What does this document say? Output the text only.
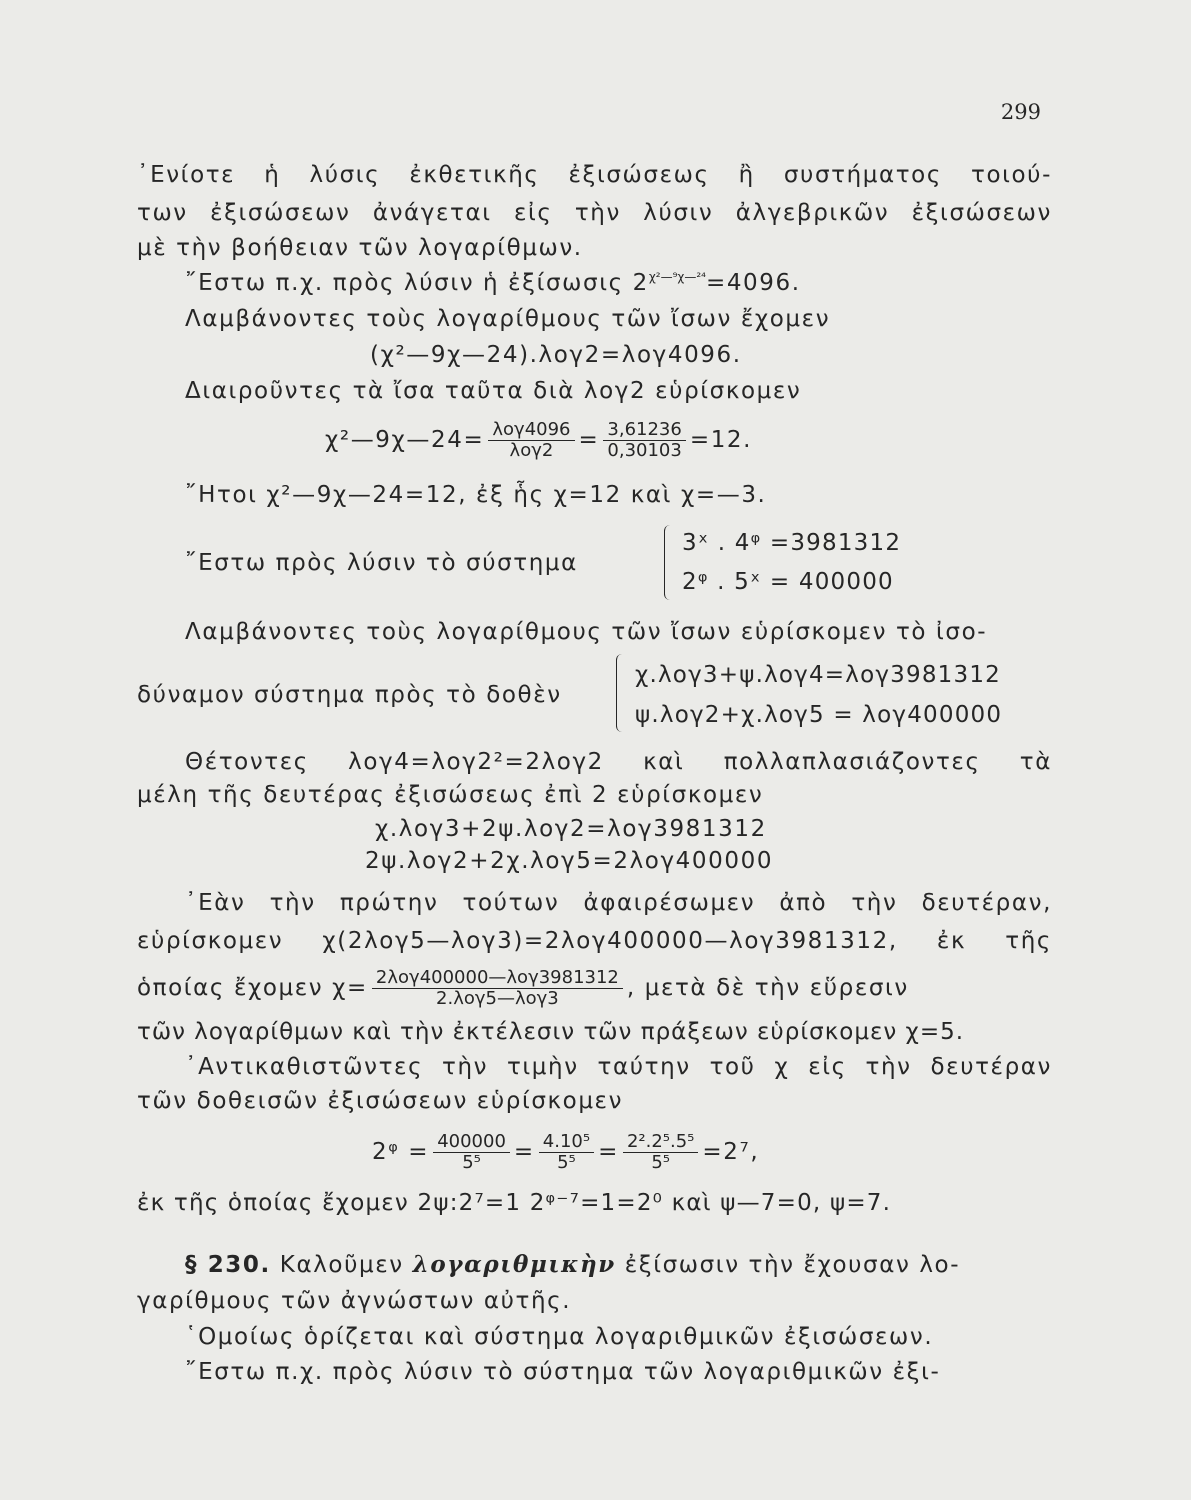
299
᾿Ενίοτε ἡ λύσις ἐκθετικῆς ἐξισώσεως ἢ συστήματος τοιού-
των ἐξισώσεων ἀνάγεται εἰς τὴν λύσιν ἀλγεβρικῶν ἐξισώσεων
μὲ τὴν βοήθειαν τῶν λογαρίθμων.
῎Εστω π.χ. πρὸς λύσιν ἡ ἐξίσωσις $2^{\chi^2—^9\chi—^{24}}=4096$.
Λαμβάνοντες τοὺς λογαρίθμους τῶν ἴσων ἔχομεν
(χ²—9χ—24).λογ2=λογ4096.
Διαιροῦντες τὰ ἴσα ταῦτα διὰ λογ2 εὑρίσκομεν
χ²—9χ—24= $\frac{\text{λογ4096}}{\text{λογ2}} = \frac{3,61236}{0,30103} =12$.
῎Ητοι χ²—9χ—24=12, ἐξ ἧς χ=12 καὶ χ=—3.
῎Εστω πρὸς λύσιν τὸ σύστημα
3ˣ . 4ᵠ =3981312
2ᵠ . 5ˣ = 400000
Λαμβάνοντες τοὺς λογαρίθμους τῶν ἴσων εὑρίσκομεν τὸ ἰσο-
δύναμον σύστημα πρὸς τὸ δοθὲν
χ.λογ3+ψ.λογ4=λογ3981312
ψ.λογ2+χ.λογ5 = λογ400000
Θέτοντες λογ4=λογ2²=2λογ2 καὶ πολλαπλασιάζοντες τὰ
μέλη τῆς δευτέρας ἐξισώσεως ἐπὶ 2 εὑρίσκομεν
χ.λογ3+2ψ.λογ2=λογ3981312
2ψ.λογ2+2χ.λογ5=2λογ400000
᾿Εὰν τὴν πρώτην τούτων ἀφαιρέσωμεν ἀπὸ τὴν δευτέραν,
εὑρίσκομεν χ(2λογ5—λογ3)=2λογ400000—λογ3981312, ἐκ τῆς
ὁποίας ἔχομεν $\chi= \frac{\text{2λογ400000—λογ3981312}}{\text{2.λογ5—λογ3}}$ , μετὰ δὲ τὴν εὕρεσιν
τῶν λογαρίθμων καὶ τὴν ἐκτέλεσιν τῶν πράξεων εὑρίσκομεν χ=5.
᾿Αντικαθιστῶντες τὴν τιμὴν ταύτην τοῦ χ εἰς τὴν δευτέραν
τῶν δοθεισῶν ἐξισώσεων εὑρίσκομεν
2ᵠ = $\frac{400000}{\text{5⁵}} = \frac{\text{4.10⁵}}{\text{5⁵}} = \frac{\text{2².2⁵.5⁵}}{\text{5⁵}} =2^7$,
ἐκ τῆς ὁποίας ἔχομεν 2ψ:2⁷=1 2ᵠ⁻⁷=1=2⁰ καὶ ψ—7=0, ψ=7.
§ 230. Καλοῦμεν λογαριθμικὴν ἐξίσωσιν τὴν ἔχουσαν λο-
γαρίθμους τῶν ἀγνώστων αὐτῆς.
῾Ομοίως ὁρίζεται καὶ σύστημα λογαριθμικῶν ἐξισώσεων.
῎Εστω π.χ. πρὸς λύσιν τὸ σύστημα τῶν λογαριθμικῶν ἐξι-
